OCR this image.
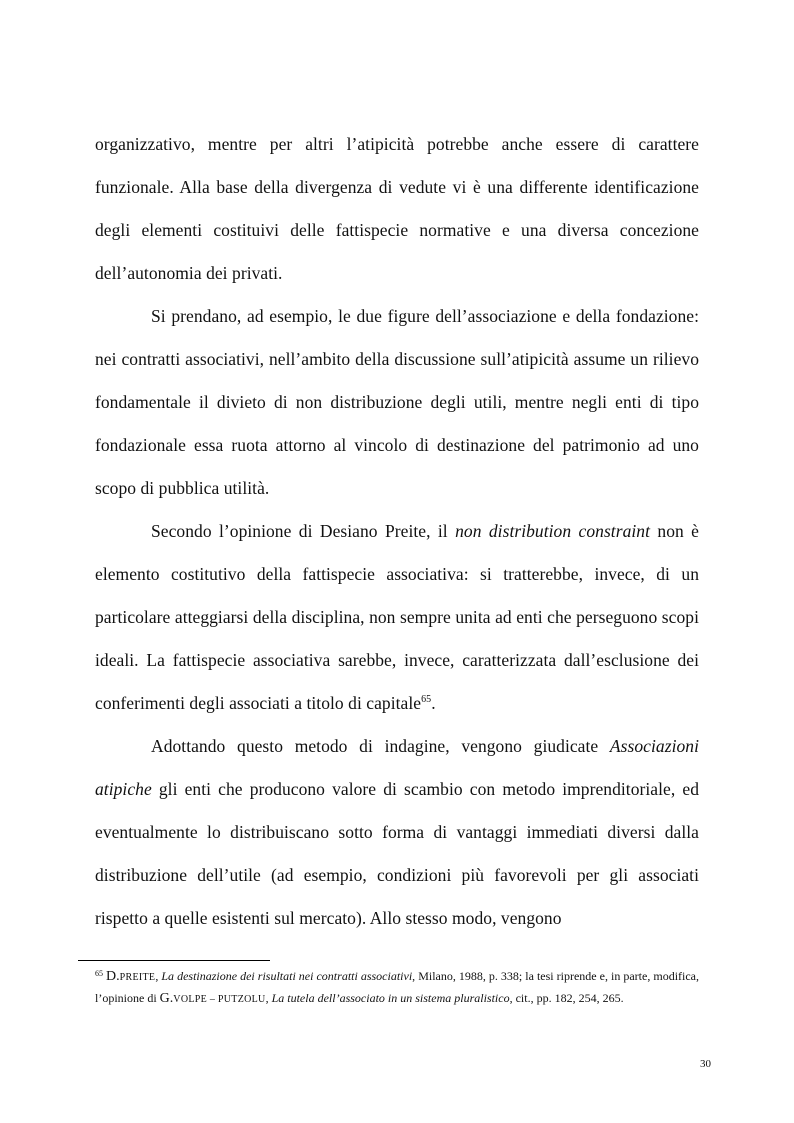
organizzativo, mentre per altri l’atipicità potrebbe anche essere di carattere funzionale. Alla base della divergenza di vedute vi è una differente identificazione degli elementi costituivi delle fattispecie normative e una diversa concezione dell’autonomia dei privati.

Si prendano, ad esempio, le due figure dell’associazione e della fondazione: nei contratti associativi, nell’ambito della discussione sull’atipicità assume un rilievo fondamentale il divieto di non distribuzione degli utili, mentre negli enti di tipo fondazionale essa ruota attorno al vincolo di destinazione del patrimonio ad uno scopo di pubblica utilità.

Secondo l’opinione di Desiano Preite, il non distribution constraint non è elemento costitutivo della fattispecie associativa: si tratterebbe, invece, di un particolare atteggiarsi della disciplina, non sempre unita ad enti che perseguono scopi ideali. La fattispecie associativa sarebbe, invece, caratterizzata dall’esclusione dei conferimenti degli associati a titolo di capitale$^{65}$.

Adottando questo metodo di indagine, vengono giudicate Associazioni atipiche gli enti che producono valore di scambio con metodo imprenditoriale, ed eventualmente lo distribuiscano sotto forma di vantaggi immediati diversi dalla distribuzione dell’utile (ad esempio, condizioni più favorevoli per gli associati rispetto a quelle esistenti sul mercato). Allo stesso modo, vengono

$^{65}$ D.PREITE, La destinazione dei risultati nei contratti associativi, Milano, 1988, p. 338; la tesi riprende e, in parte, modifica, l’opinione di G.VOLPE – PUTZOLU, La tutela dell’associato in un sistema pluralistico, cit., pp. 182, 254, 265.
30
